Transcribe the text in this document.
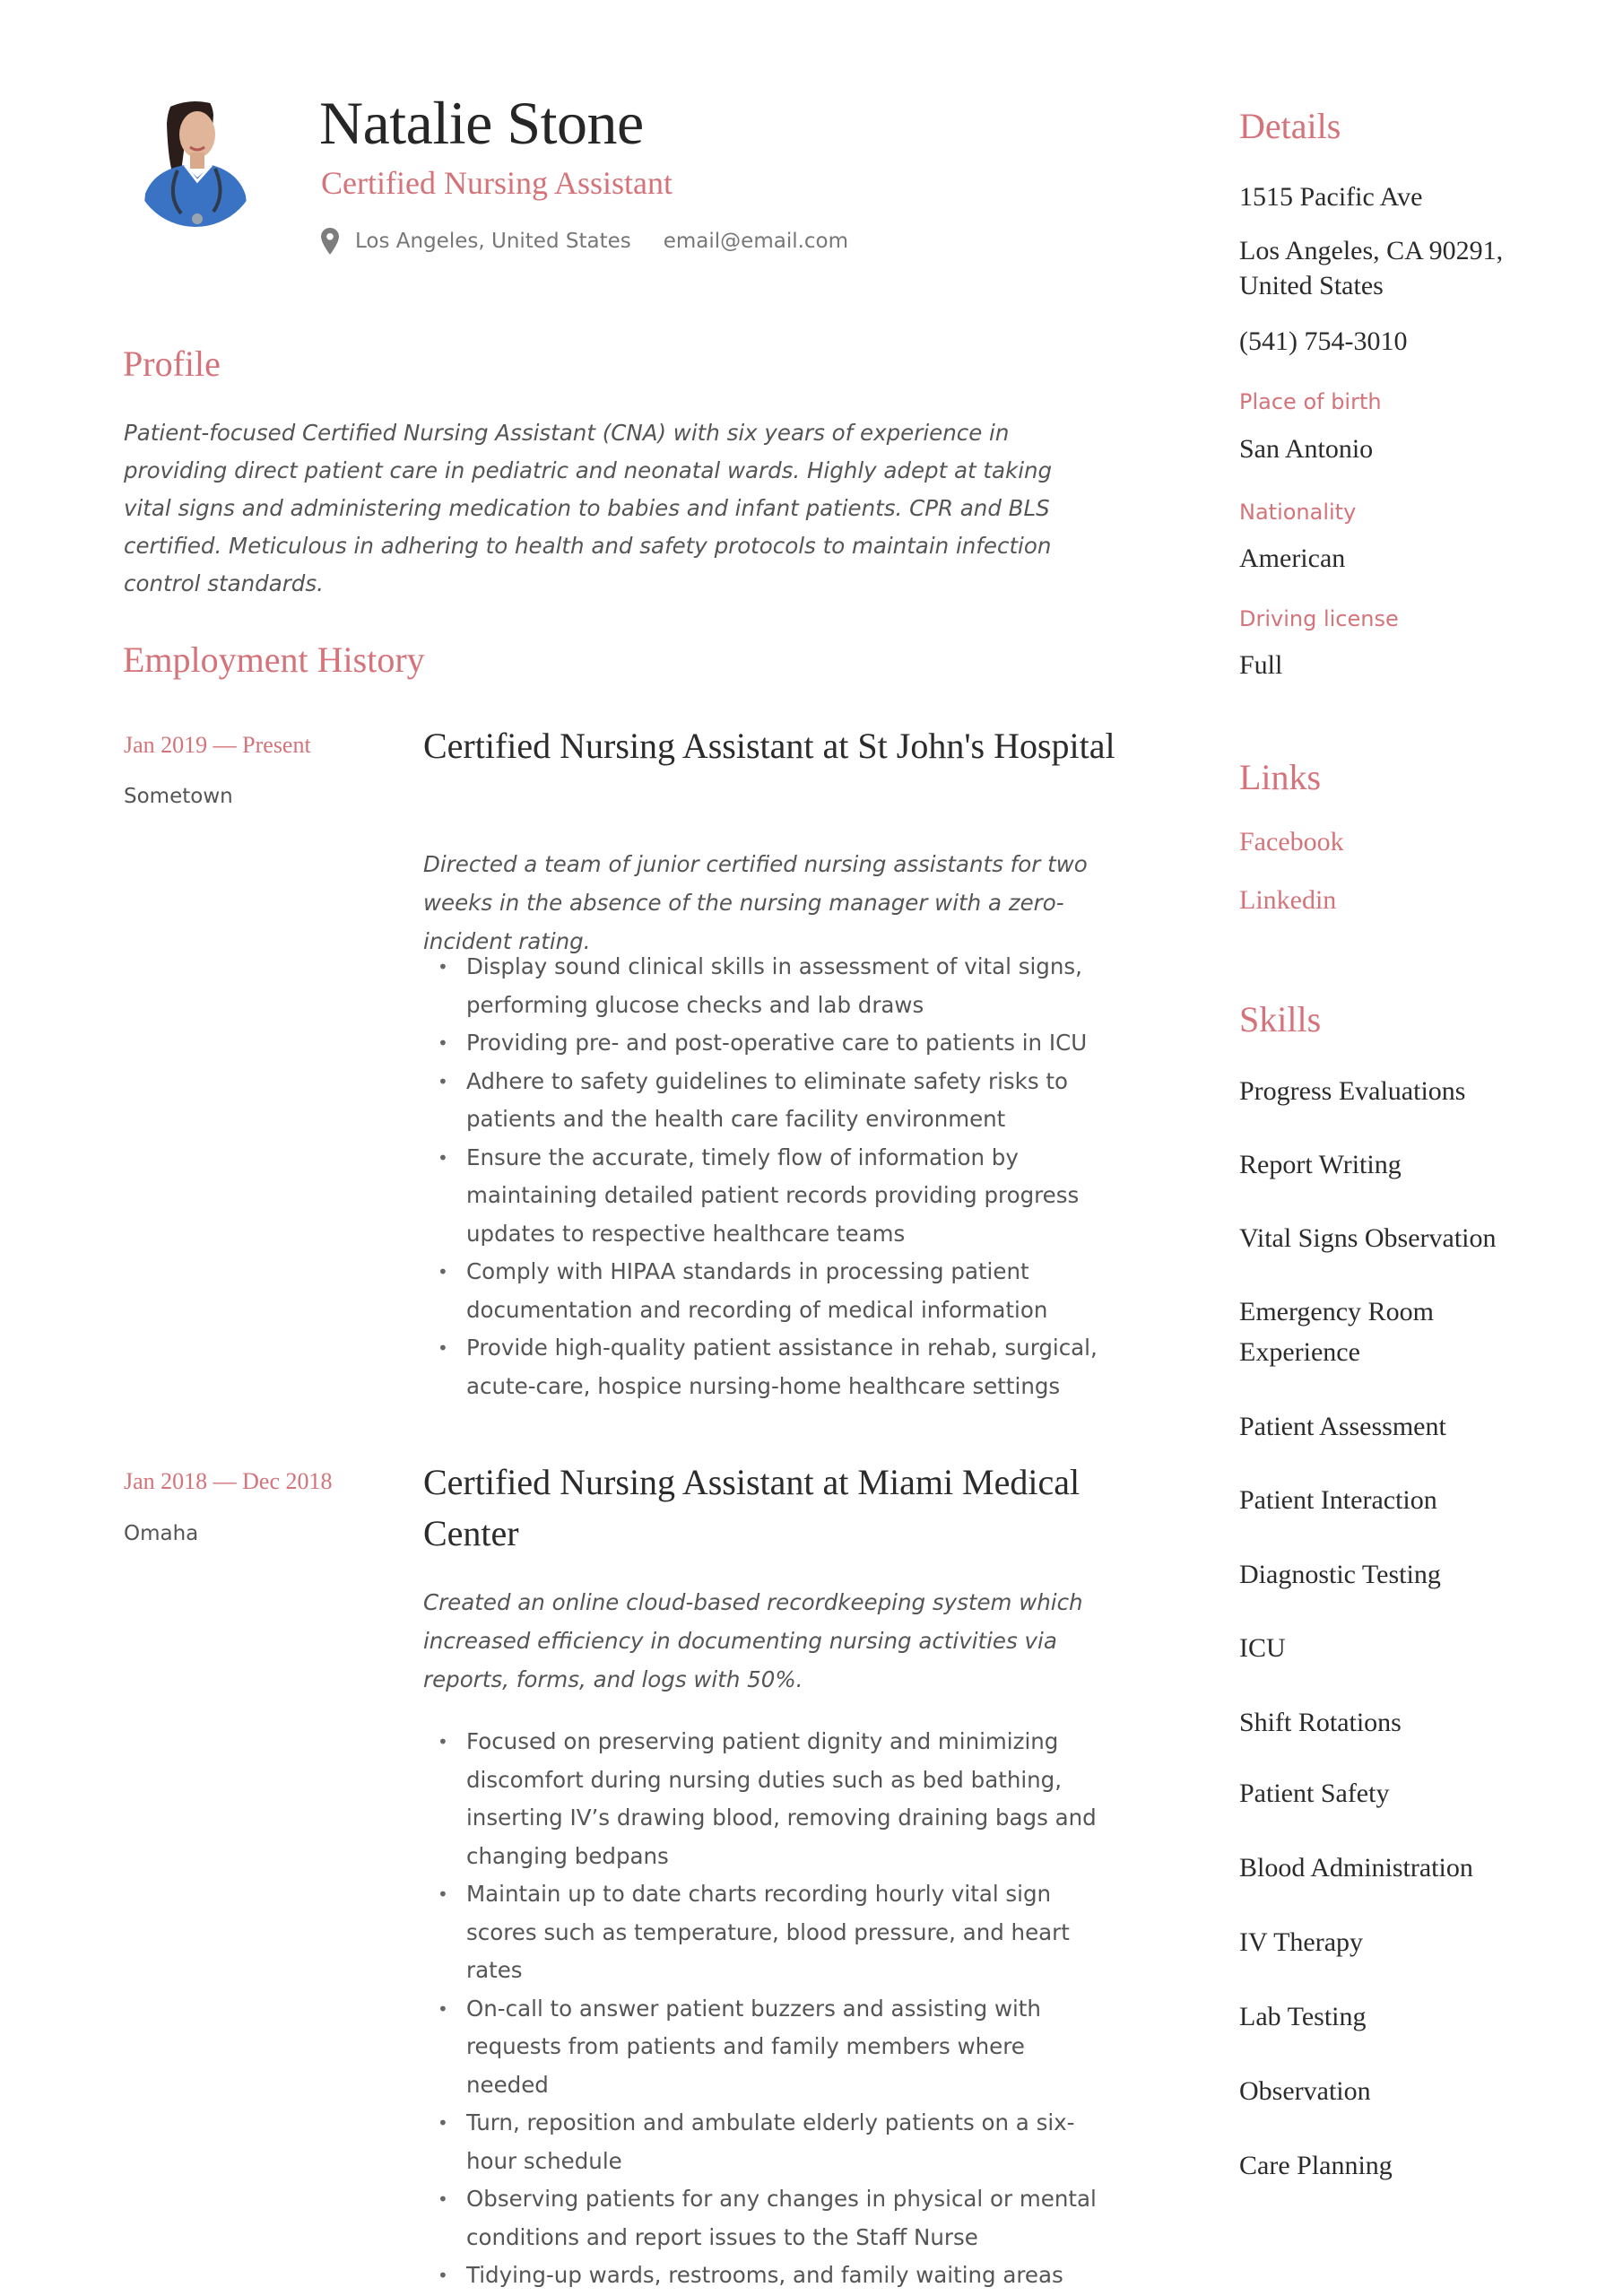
Natalie Stone
Certified Nursing Assistant
Los Angeles, United States email@email.com
Profile

Patient-focused Certified Nursing Assistant (CNA) with six years of experience in providing direct patient care in pediatric and neonatal wards. Highly adept at taking vital signs and administering medication to babies and infant patients. CPR and BLS certified. Meticulous in adhering to health and safety protocols to maintain infection control standards.

Employment History
Jan 2019 — Present
Sometown
Certified Nursing Assistant at St John's Hospital

Directed a team of junior certified nursing assistants for two weeks in the absence of the nursing manager with a zero-incident rating.

• Display sound clinical skills in assessment of vital signs, performing glucose checks and lab draws
• Providing pre- and post-operative care to patients in ICU
• Adhere to safety guidelines to eliminate safety risks to patients and the health care facility environment
• Ensure the accurate, timely flow of information by maintaining detailed patient records providing progress updates to respective healthcare teams
• Comply with HIPAA standards in processing patient documentation and recording of medical information
• Provide high-quality patient assistance in rehab, surgical, acute-care, hospice nursing-home healthcare settings
Jan 2018 — Dec 2018
Omaha
Certified Nursing Assistant at Miami Medical Center

Created an online cloud-based recordkeeping system which increased efficiency in documenting nursing activities via reports, forms, and logs with 50%.

• Focused on preserving patient dignity and minimizing discomfort during nursing duties such as bed bathing, inserting IV’s drawing blood, removing draining bags and changing bedpans
• Maintain up to date charts recording hourly vital sign scores such as temperature, blood pressure, and heart rates
• On-call to answer patient buzzers and assisting with requests from patients and family members where needed
• Turn, reposition and ambulate elderly patients on a six-hour schedule
• Observing patients for any changes in physical or mental conditions and report issues to the Staff Nurse
• Tidying-up wards, restrooms, and family waiting areas
Details
1515 Pacific Ave
Los Angeles, CA 90291,
United States
(541) 754-3010
Place of birth
San Antonio
Nationality
American
Driving license
Full
Links
Facebook
Linkedin
Skills
Progress Evaluations
Report Writing
Vital Signs Observation
Emergency Room Experience
Patient Assessment
Patient Interaction
Diagnostic Testing
ICU
Shift Rotations
Patient Safety
Blood Administration
IV Therapy
Lab Testing
Observation
Care Planning
